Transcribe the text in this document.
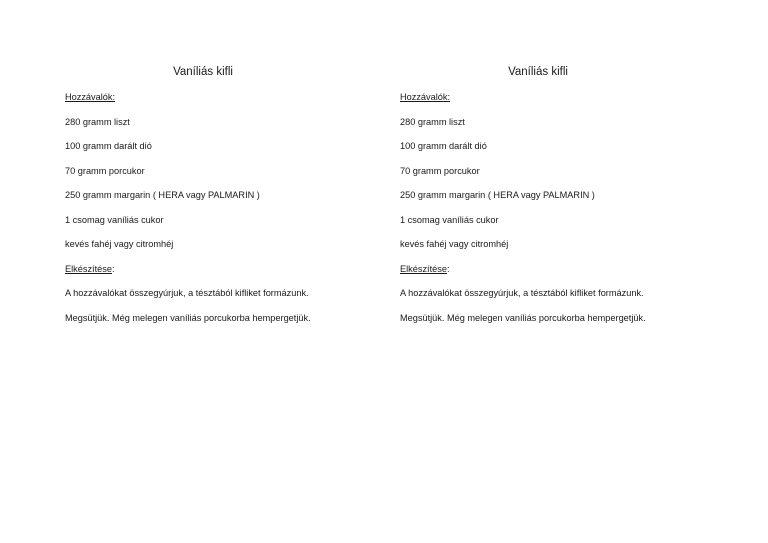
Vaníliás kifli
Hozzávalók:
280 gramm liszt
100 gramm darált dió
70 gramm porcukor
250 gramm margarin ( HERA vagy PALMARIN )
1 csomag vaníliás cukor
kevés fahéj vagy citromhéj
Elkészítése:
A hozzávalókat összegyúrjuk, a tésztából kifliket formázunk.
Megsütjük. Még melegen vaníliás porcukorba hempergetjük.
Vaníliás kifli
Hozzávalók:
280 gramm liszt
100 gramm darált dió
70 gramm porcukor
250 gramm margarin ( HERA vagy PALMARIN )
1 csomag vaníliás cukor
kevés fahéj vagy citromhéj
Elkészítése:
A hozzávalókat összegyúrjuk, a tésztából kifliket formázunk.
Megsütjük. Még melegen vaníliás porcukorba hempergetjük.
